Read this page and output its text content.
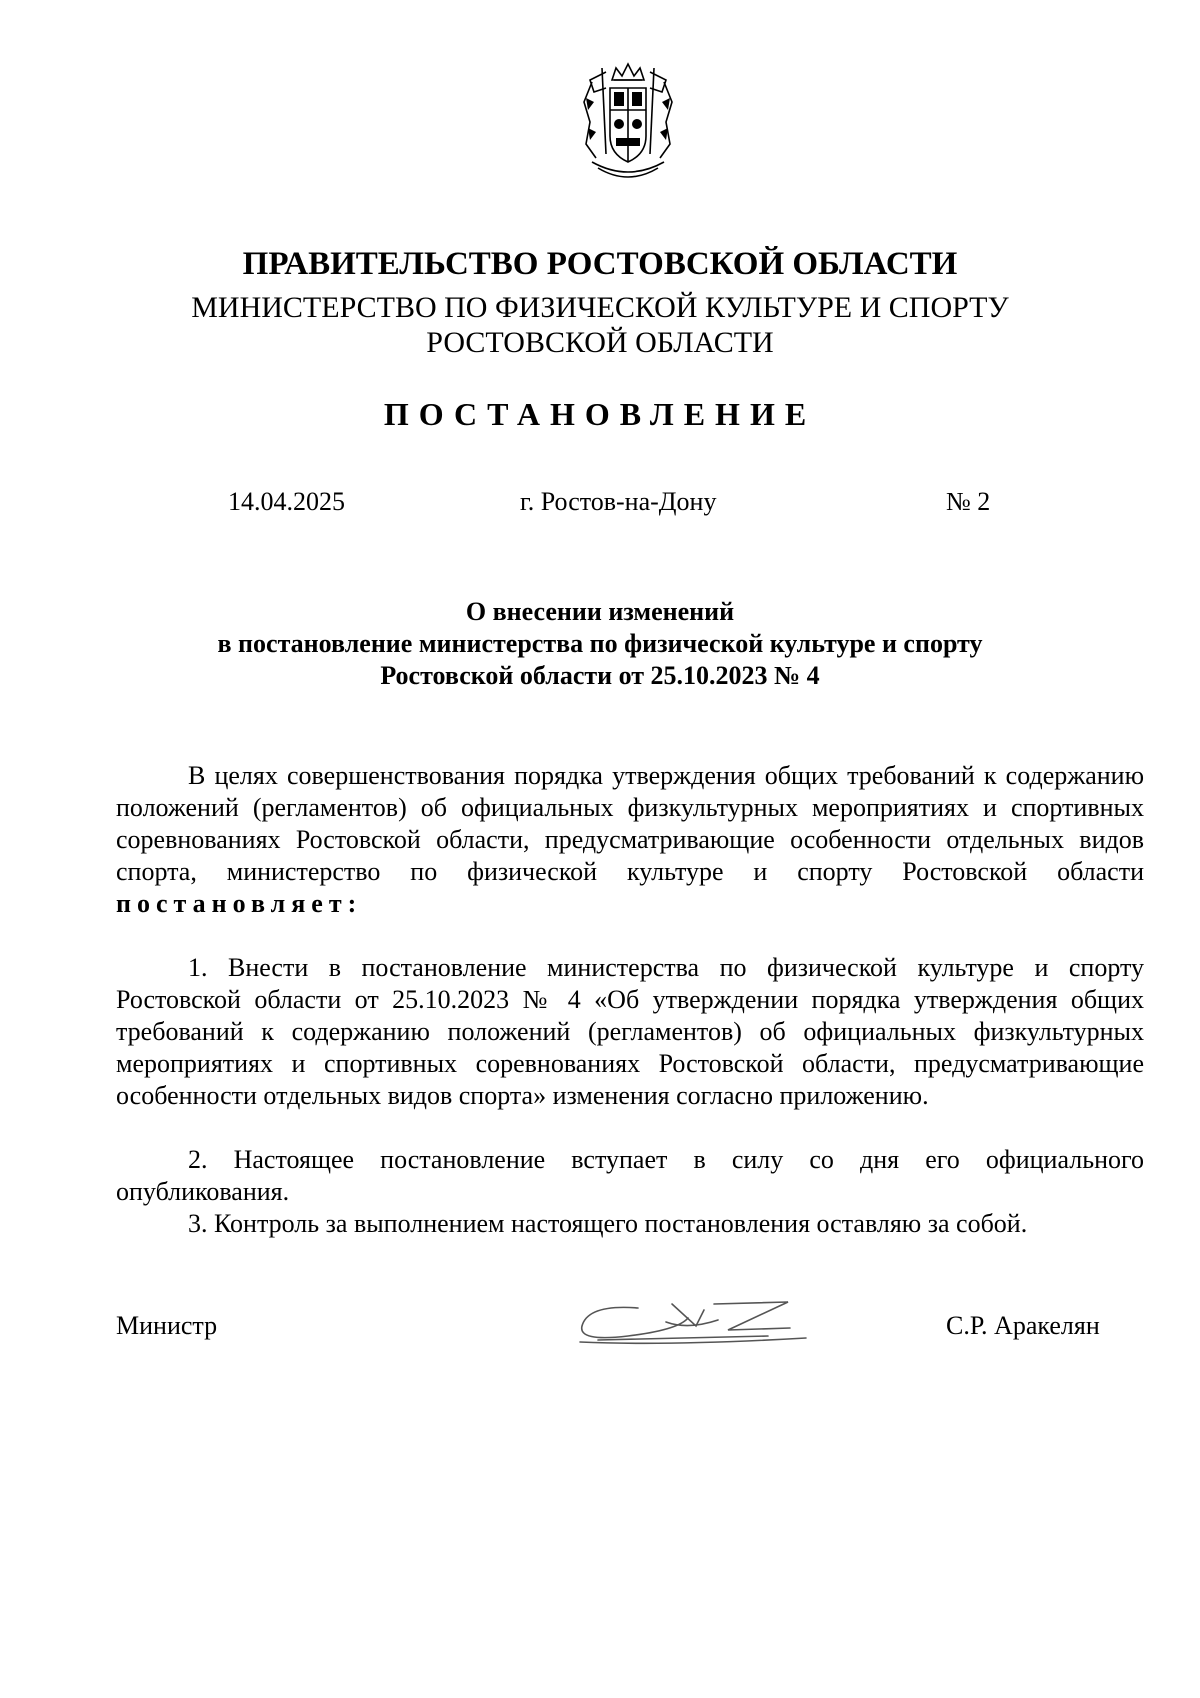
ПРАВИТЕЛЬСТВО РОСТОВСКОЙ ОБЛАСТИ
МИНИСТЕРСТВО ПО ФИЗИЧЕСКОЙ КУЛЬТУРЕ И СПОРТУ
РОСТОВСКОЙ ОБЛАСТИ
ПОСТАНОВЛЕНИЕ
14.04.2025	г. Ростов-на-Дону	№ 2
О внесении изменений
в постановление министерства по физической культуре и спорту
Ростовской области от 25.10.2023 № 4

В целях совершенствования порядка утверждения общих требований к содержанию положений (регламентов) об официальных физкультурных мероприятиях и спортивных соревнованиях Ростовской области, предусматривающие особенности отдельных видов спорта, министерство по физической культуре и спорту Ростовской области постановляет:

1. Внести в постановление министерства по физической культуре и спорту Ростовской области от 25.10.2023 № 4 «Об утверждении порядка утверждения общих требований к содержанию положений (регламентов) об официальных физкультурных мероприятиях и спортивных соревнованиях Ростовской области, предусматривающие особенности отдельных видов спорта» изменения согласно приложению.

2. Настоящее постановление вступает в силу со дня его официального опубликования.

3. Контроль за выполнением настоящего постановления оставляю за собой.

Министр	С.Р. Аракелян
